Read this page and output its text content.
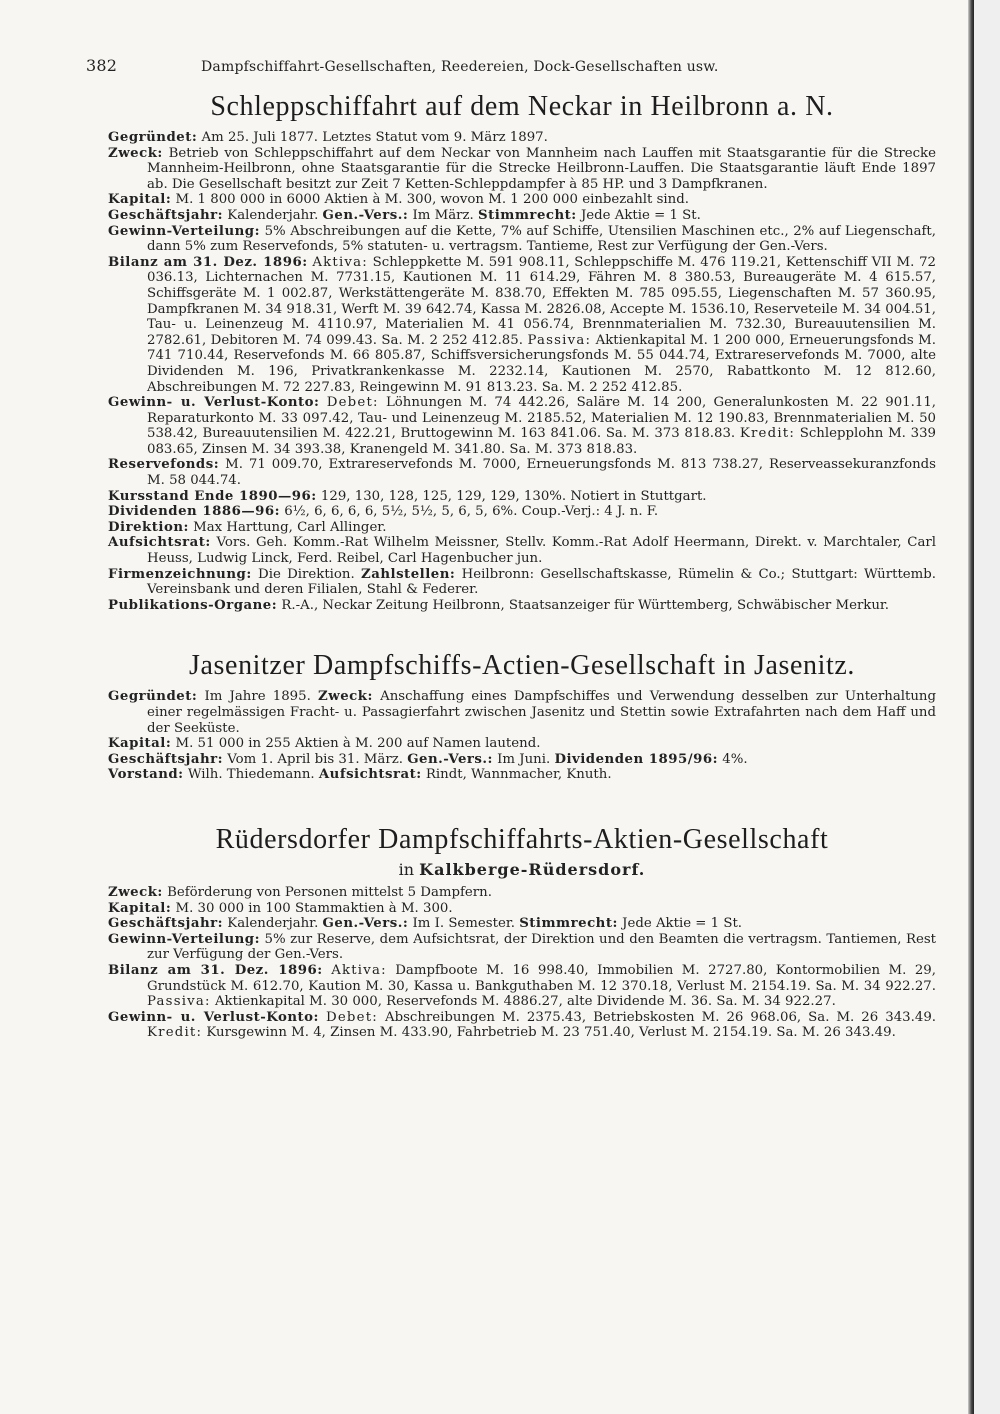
382	Dampfschiffahrt-Gesellschaften, Reedereien, Dock-Gesellschaften usw.
Schleppschiffahrt auf dem Neckar in Heilbronn a. N.

Gegründet: Am 25. Juli 1877. Letztes Statut vom 9. März 1897.

Zweck: Betrieb von Schleppschiffahrt auf dem Neckar von Mannheim nach Lauffen mit Staatsgarantie für die Strecke Mannheim-Heilbronn, ohne Staatsgarantie für die Strecke Heilbronn-Lauffen. Die Staatsgarantie läuft Ende 1897 ab. Die Gesellschaft besitzt zur Zeit 7 Ketten-Schleppdampfer à 85 HP. und 3 Dampfkranen.

Kapital: M. 1 800 000 in 6000 Aktien à M. 300, wovon M. 1 200 000 einbezahlt sind.

Geschäftsjahr: Kalenderjahr. Gen.-Vers.: Im März. Stimmrecht: Jede Aktie = 1 St.

Gewinn-Verteilung: 5% Abschreibungen auf die Kette, 7% auf Schiffe, Utensilien Maschinen etc., 2% auf Liegenschaft, dann 5% zum Reservefonds, 5% statuten- u. vertragsm. Tantieme, Rest zur Verfügung der Gen.-Vers.

Bilanz am 31. Dez. 1896: Aktiva: Schleppkette M. 591 908.11, Schleppschiffe M. 476 119.21, Kettenschiff VII M. 72 036.13, Lichternachen M. 7731.15, Kautionen M. 11 614.29, Fähren M. 8 380.53, Bureaugeräte M. 4 615.57, Schiffsgeräte M. 1 002.87, Werkstättengeräte M. 838.70, Effekten M. 785 095.55, Liegenschaften M. 57 360.95, Dampfkranen M. 34 918.31, Werft M. 39 642.74, Kassa M. 2826.08, Accepte M. 1536.10, Reserveteile M. 34 004.51, Tau- u. Leinenzeug M. 4110.97, Materialien M. 41 056.74, Brennmaterialien M. 732.30, Bureauutensilien M. 2782.61, Debitoren M. 74 099.43. Sa. M. 2 252 412.85. Passiva: Aktienkapital M. 1 200 000, Erneuerungsfonds M. 741 710.44, Reservefonds M. 66 805.87, Schiffsversicherungsfonds M. 55 044.74, Extrareservefonds M. 7000, alte Dividenden M. 196, Privatkrankenkasse M. 2232.14, Kautionen M. 2570, Rabattkonto M. 12 812.60, Abschreibungen M. 72 227.83, Reingewinn M. 91 813.23. Sa. M. 2 252 412.85.

Gewinn- u. Verlust-Konto: Debet: Löhnungen M. 74 442.26, Saläre M. 14 200, Generalunkosten M. 22 901.11, Reparaturkonto M. 33 097.42, Tau- und Leinenzeug M. 2185.52, Materialien M. 12 190.83, Brennmaterialien M. 50 538.42, Bureauutensilien M. 422.21, Bruttogewinn M. 163 841.06. Sa. M. 373 818.83. Kredit: Schlepplohn M. 339 083.65, Zinsen M. 34 393.38, Kranengeld M. 341.80. Sa. M. 373 818.83.

Reservefonds: M. 71 009.70, Extrareservefonds M. 7000, Erneuerungsfonds M. 813 738.27, Reserveassekuranzfonds M. 58 044.74.

Kursstand Ende 1890—96: 129, 130, 128, 125, 129, 129, 130%. Notiert in Stuttgart.

Dividenden 1886—96: 6½, 6, 6, 6, 6, 5½, 5½, 5, 6, 5, 6%. Coup.-Verj.: 4 J. n. F.

Direktion: Max Harttung, Carl Allinger.

Aufsichtsrat: Vors. Geh. Komm.-Rat Wilhelm Meissner, Stellv. Komm.-Rat Adolf Heermann, Direkt. v. Marchtaler, Carl Heuss, Ludwig Linck, Ferd. Reibel, Carl Hagenbucher jun.

Firmenzeichnung: Die Direktion. Zahlstellen: Heilbronn: Gesellschaftskasse, Rümelin & Co.; Stuttgart: Württemb. Vereinsbank und deren Filialen, Stahl & Federer.

Publikations-Organe: R.-A., Neckar Zeitung Heilbronn, Staatsanzeiger für Württemberg, Schwäbischer Merkur.

Jasenitzer Dampfschiffs-Actien-Gesellschaft in Jasenitz.

Gegründet: Im Jahre 1895. Zweck: Anschaffung eines Dampfschiffes und Verwendung desselben zur Unterhaltung einer regelmässigen Fracht- u. Passagierfahrt zwischen Jasenitz und Stettin sowie Extrafahrten nach dem Haff und der Seeküste.

Kapital: M. 51 000 in 255 Aktien à M. 200 auf Namen lautend.

Geschäftsjahr: Vom 1. April bis 31. März. Gen.-Vers.: Im Juni. Dividenden 1895/96: 4%.

Vorstand: Wilh. Thiedemann. Aufsichtsrat: Rindt, Wannmacher, Knuth.

Rüdersdorfer Dampfschiffahrts-Aktien-Gesellschaft
in Kalkberge-Rüdersdorf.

Zweck: Beförderung von Personen mittelst 5 Dampfern.

Kapital: M. 30 000 in 100 Stammaktien à M. 300.

Geschäftsjahr: Kalenderjahr. Gen.-Vers.: Im I. Semester. Stimmrecht: Jede Aktie = 1 St.

Gewinn-Verteilung: 5% zur Reserve, dem Aufsichtsrat, der Direktion und den Beamten die vertragsm. Tantiemen, Rest zur Verfügung der Gen.-Vers.

Bilanz am 31. Dez. 1896: Aktiva: Dampfboote M. 16 998.40, Immobilien M. 2727.80, Kontormobilien M. 29, Grundstück M. 612.70, Kaution M. 30, Kassa u. Bankguthaben M. 12 370.18, Verlust M. 2154.19. Sa. M. 34 922.27. Passiva: Aktienkapital M. 30 000, Reservefonds M. 4886.27, alte Dividende M. 36. Sa. M. 34 922.27.

Gewinn- u. Verlust-Konto: Debet: Abschreibungen M. 2375.43, Betriebskosten M. 26 968.06, Sa. M. 26 343.49. Kredit: Kursgewinn M. 4, Zinsen M. 433.90, Fahrbetrieb M. 23 751.40, Verlust M. 2154.19. Sa. M. 26 343.49.
